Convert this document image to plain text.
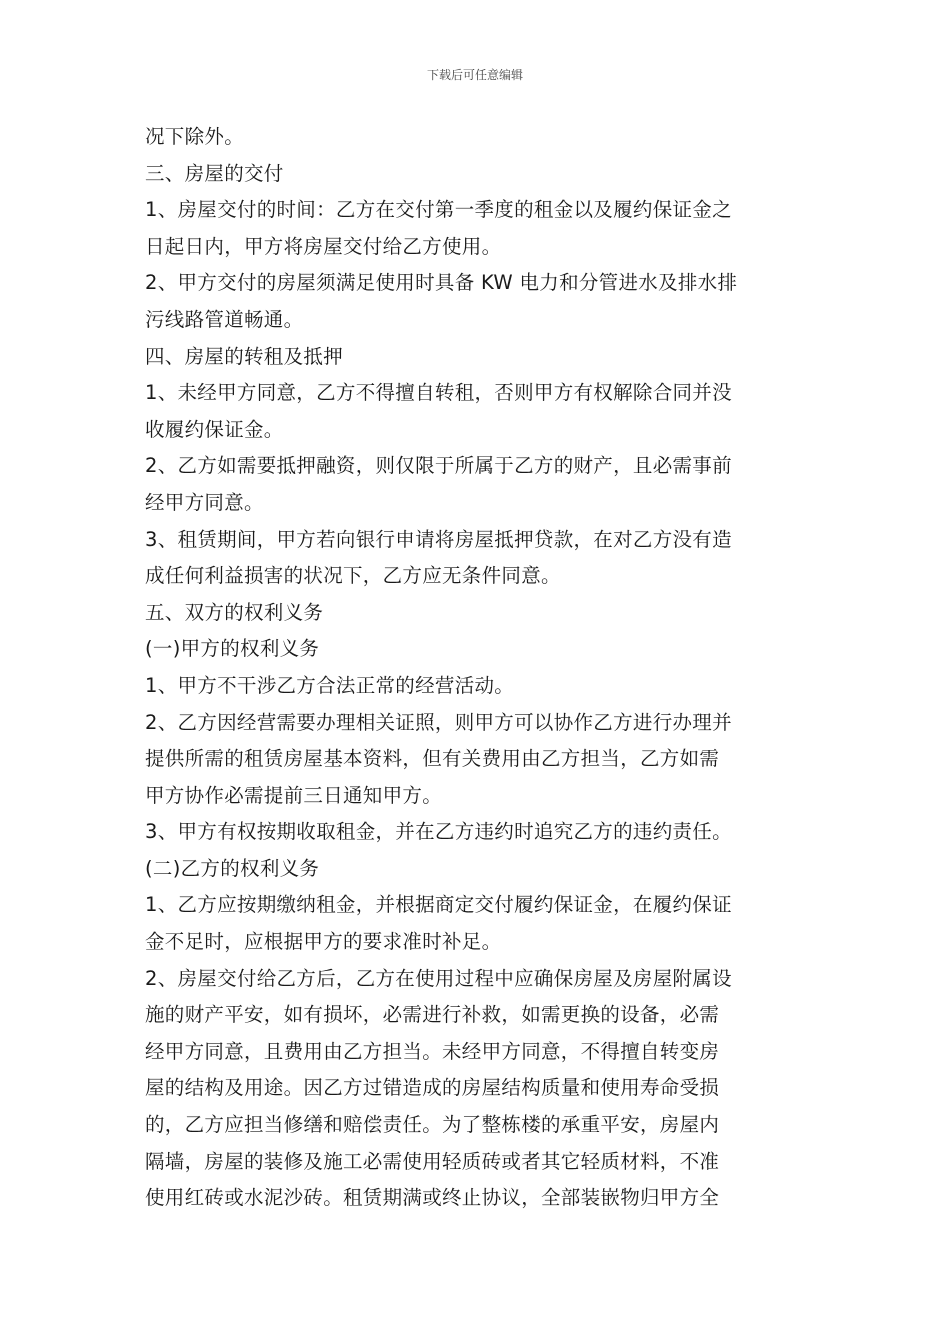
下载后可任意编辑
况下除外。
三、房屋的交付
1、房屋交付的时间：乙方在交付第一季度的租金以及履约保证金之
日起日内，甲方将房屋交付给乙方使用。
2、甲方交付的房屋须满足使用时具备 KW 电力和分管进水及排水排
污线路管道畅通。
四、房屋的转租及抵押
1、未经甲方同意，乙方不得擅自转租，否则甲方有权解除合同并没
收履约保证金。
2、乙方如需要抵押融资，则仅限于所属于乙方的财产，且必需事前
经甲方同意。
3、租赁期间，甲方若向银行申请将房屋抵押贷款，在对乙方没有造
成任何利益损害的状况下，乙方应无条件同意。
五、双方的权利义务
(一)甲方的权利义务
1、甲方不干涉乙方合法正常的经营活动。
2、乙方因经营需要办理相关证照，则甲方可以协作乙方进行办理并
提供所需的租赁房屋基本资料，但有关费用由乙方担当，乙方如需
甲方协作必需提前三日通知甲方。
3、甲方有权按期收取租金，并在乙方违约时追究乙方的违约责任。
(二)乙方的权利义务
1、乙方应按期缴纳租金，并根据商定交付履约保证金，在履约保证
金不足时，应根据甲方的要求准时补足。
2、房屋交付给乙方后，乙方在使用过程中应确保房屋及房屋附属设
施的财产平安，如有损坏，必需进行补救，如需更换的设备，必需
经甲方同意，且费用由乙方担当。未经甲方同意，不得擅自转变房
屋的结构及用途。因乙方过错造成的房屋结构质量和使用寿命受损
的，乙方应担当修缮和赔偿责任。为了整栋楼的承重平安，房屋内
隔墙，房屋的装修及施工必需使用轻质砖或者其它轻质材料，不准
使用红砖或水泥沙砖。租赁期满或终止协议，全部装嵌物归甲方全
